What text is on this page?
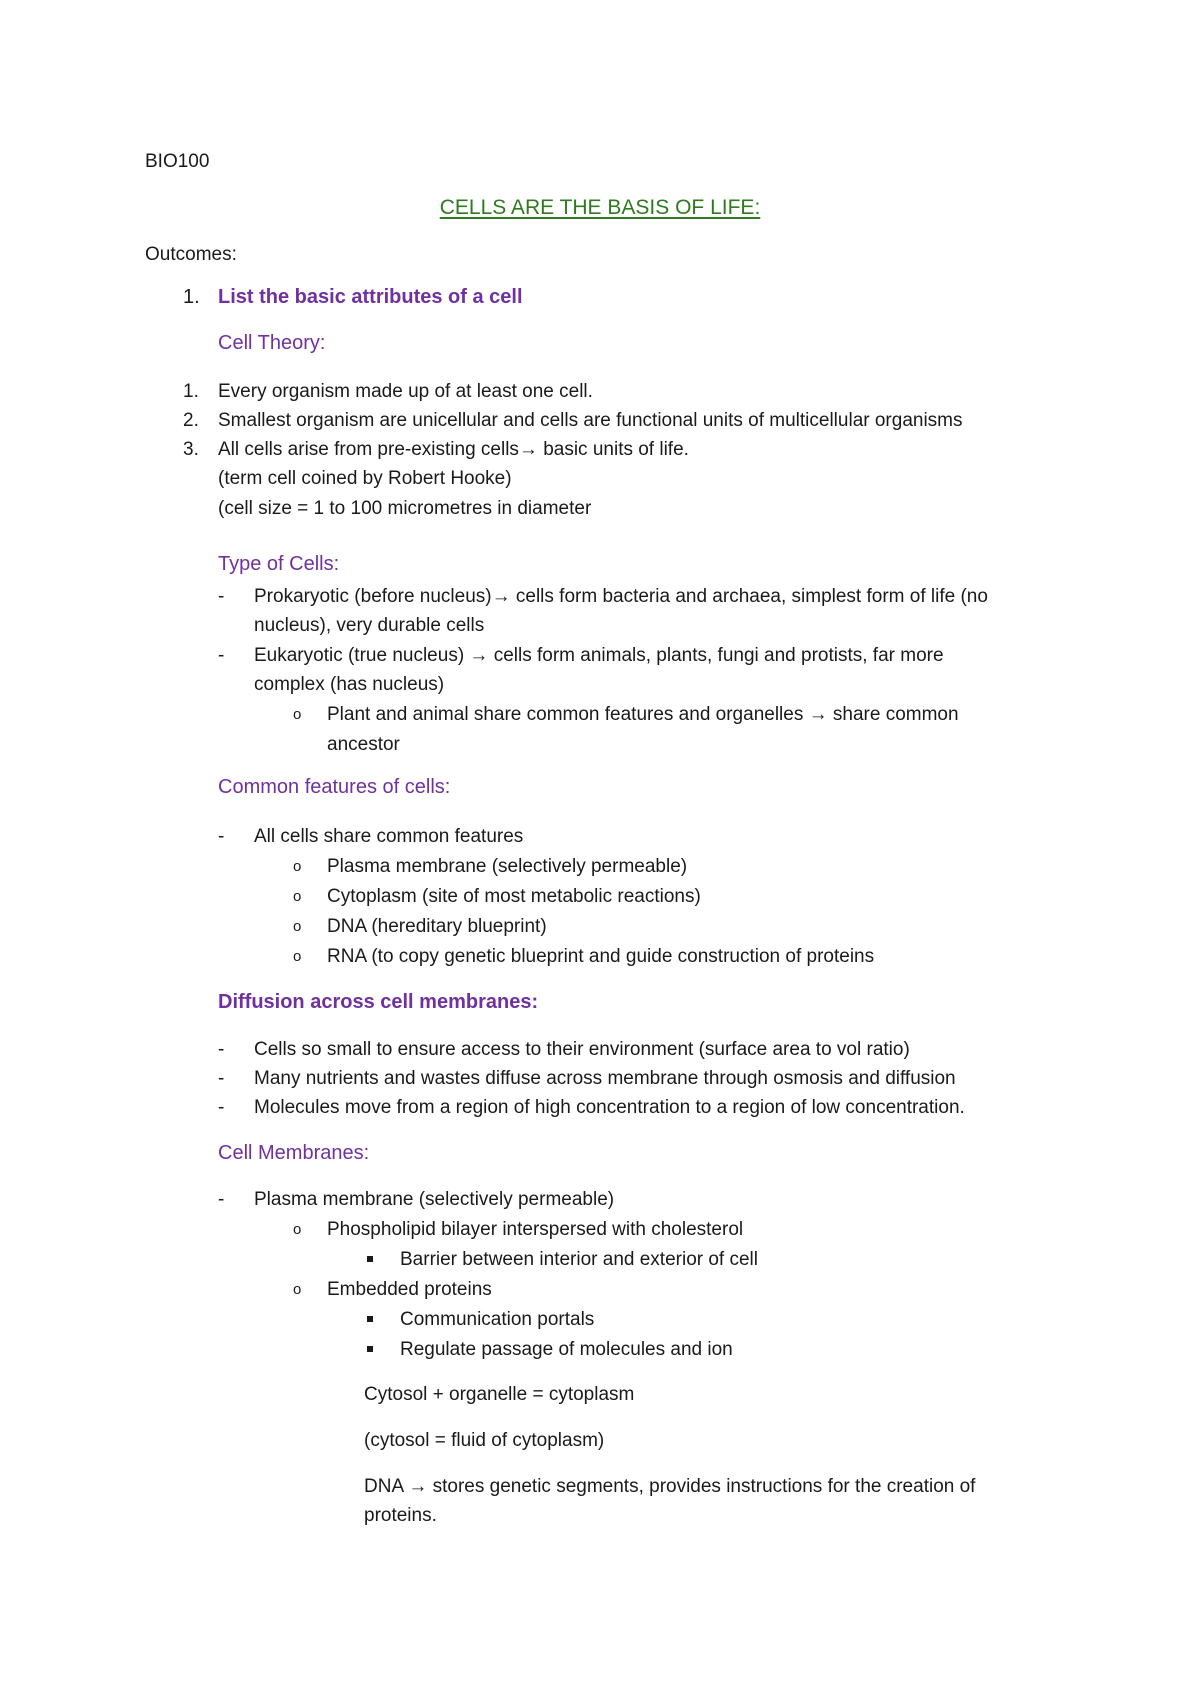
BIO100
CELLS ARE THE BASIS OF LIFE:
Outcomes:
1. List the basic attributes of a cell
Cell Theory:
1.	Every organism made up of at least one cell.
2.	Smallest organism are unicellular and cells are functional units of multicellular organisms
3.	All cells arise from pre-existing cells→ basic units of life.
(term cell coined by Robert Hooke)
(cell size = 1 to 100 micrometres in diameter
Type of Cells:
- Prokaryotic (before nucleus)→ cells form bacteria and archaea, simplest form of life (no
nucleus), very durable cells
- Eukaryotic (true nucleus) → cells form animals, plants, fungi and protists, far more
complex (has nucleus)
o Plant and animal share common features and organelles → share common
ancestor
Common features of cells:
- All cells share common features
o Plasma membrane (selectively permeable)
o Cytoplasm (site of most metabolic reactions)
o DNA (hereditary blueprint)
o RNA (to copy genetic blueprint and guide construction of proteins
Diffusion across cell membranes:
- Cells so small to ensure access to their environment (surface area to vol ratio)
- Many nutrients and wastes diffuse across membrane through osmosis and diffusion
- Molecules move from a region of high concentration to a region of low concentration.
Cell Membranes:
- Plasma membrane (selectively permeable)
o Phospholipid bilayer interspersed with cholesterol
Barrier between interior and exterior of cell
o Embedded proteins
Communication portals
Regulate passage of molecules and ion
Cytosol + organelle = cytoplasm
(cytosol = fluid of cytoplasm)
DNA → stores genetic segments, provides instructions for the creation of
proteins.
